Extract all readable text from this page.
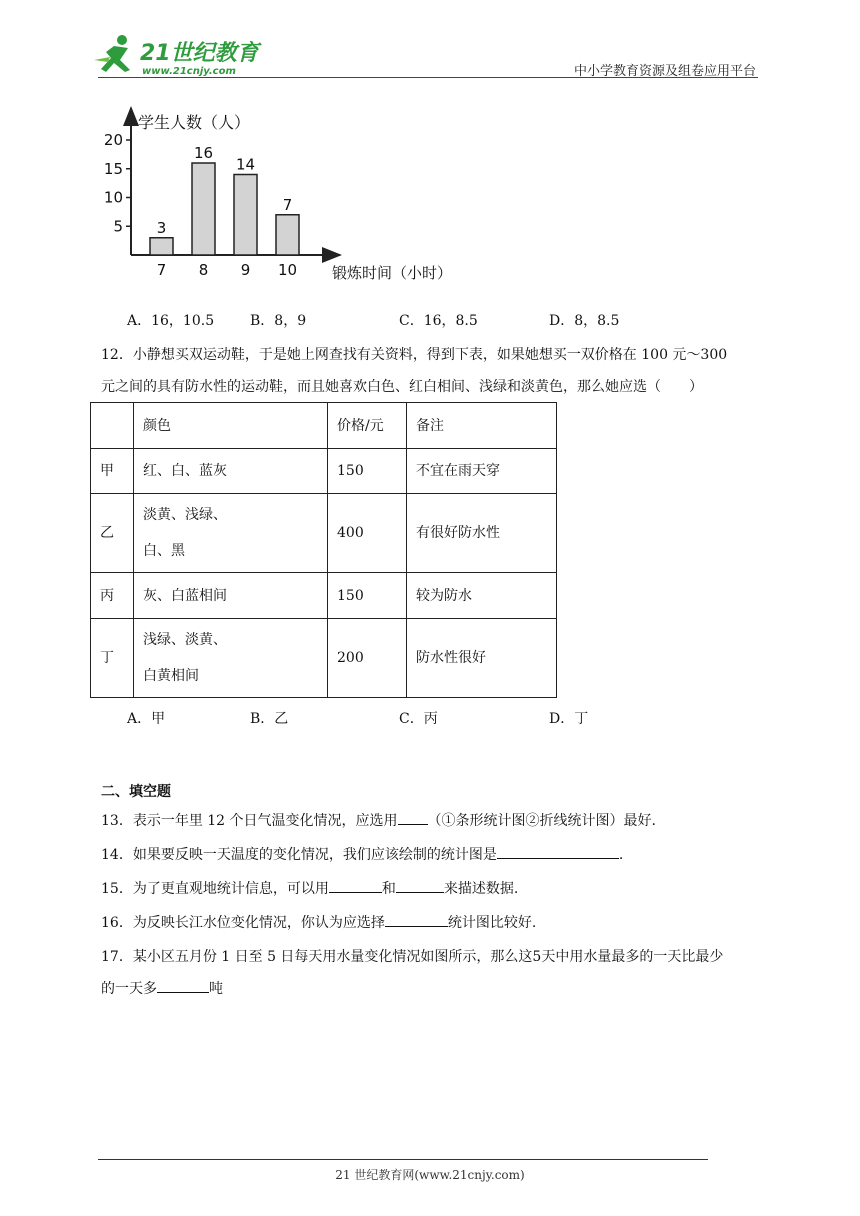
21世纪教育
www.21cnjy.com	中小学教育资源及组卷应用平台
学生人数（人）
锻炼时间（小时）
5
10
15
20
3
7
16
8
14
9
7
10
A．16，10.5	B．8，9	C．16，8.5	D．8，8.5
12．小静想买双运动鞋，于是她上网查找有关资料，得到下表，如果她想买一双价格在 100 元～300
元之间的具有防水性的运动鞋，而且她喜欢白色、红白相间、浅绿和淡黄色，那么她应选（　　）
	颜色	价格/元	备注
甲	红、白、蓝灰	150	不宜在雨天穿
乙	淡黄、浅绿、
白、黑	400	有很好防水性
丙	灰、白蓝相间	150	较为防水
丁	浅绿、淡黄、
白黄相间	200	防水性很好
A．甲	B．乙	C．丙	D．丁
二、填空题
13．表示一年里 12 个日气温变化情况，应选用 （①条形统计图②折线统计图）最好.
14．如果要反映一天温度的变化情况，我们应该绘制的统计图是	.
15．为了更直观地统计信息，可以用	和	来描述数据.
16．为反映长江水位变化情况，你认为应选择	统计图比较好.
17．某小区五月份 1 日至 5 日每天用水量变化情况如图所示，那么这5天中用水量最多的一天比最少
的一天多	吨
21 世纪教育网(www.21cnjy.com)
